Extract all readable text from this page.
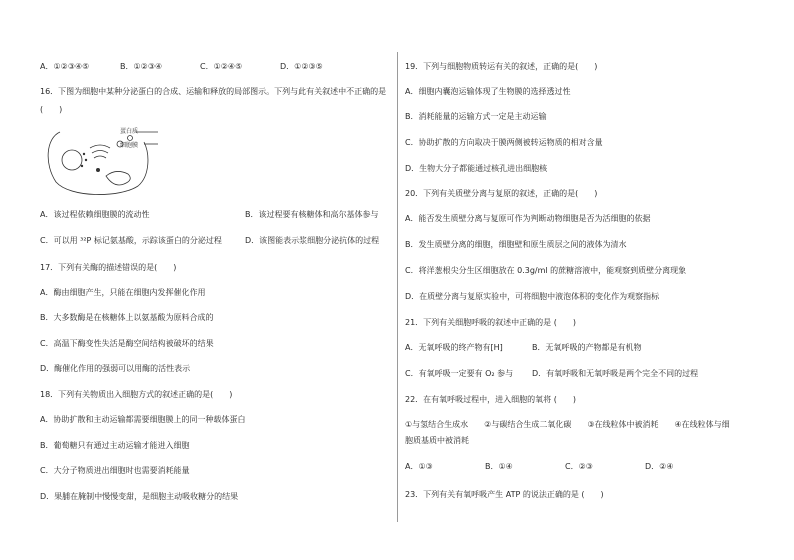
A．①②③④⑤	B．①②③④	C．①②④⑤	D．①②③⑤
16．下图为细胞中某种分泌蛋白的合成、运输和释放的局部图示。下列与此有关叙述中不正确的是
(　　)
蛋白质
细胞膜
A．该过程依赖细胞膜的流动性	B．该过程要有核糖体和高尔基体参与
C．可以用 ³²P 标记氨基酸，示踪该蛋白的分泌过程	D．该图能表示浆细胞分泌抗体的过程
17．下列有关酶的描述错误的是(　　)
A．酶由细胞产生，只能在细胞内发挥催化作用
B．大多数酶是在核糖体上以氨基酸为原料合成的
C．高温下酶变性失活是酶空间结构被破坏的结果
D．酶催化作用的强弱可以用酶的活性表示
18．下列有关物质出入细胞方式的叙述正确的是(　　)
A．协助扩散和主动运输都需要细胞膜上的同一种载体蛋白
B．葡萄糖只有通过主动运输才能进入细胞
C．大分子物质进出细胞时也需要消耗能量
D．果脯在腌制中慢慢变甜，是细胞主动吸收糖分的结果
19．下列与细胞物质转运有关的叙述，正确的是(　　)
A．细胞内囊泡运输体现了生物膜的选择透过性
B．消耗能量的运输方式一定是主动运输
C．协助扩散的方向取决于膜两侧被转运物质的相对含量
D．生物大分子都能通过核孔进出细胞核
20．下列有关质壁分离与复原的叙述，正确的是(　　)
A．能否发生质壁分离与复原可作为判断动物细胞是否为活细胞的依据
B．发生质壁分离的细胞，细胞壁和原生质层之间的液体为清水
C．将洋葱根尖分生区细胞放在 0.3g/ml 的蔗糖溶液中，能观察到质壁分离现象
D．在质壁分离与复原实验中，可将细胞中液泡体积的变化作为观察指标
21．下列有关细胞呼吸的叙述中正确的是 (　　)
A．无氧呼吸的终产物有[H]	B．无氧呼吸的产物都是有机物
C．有氧呼吸一定要有 O₂ 参与 D．有氧呼吸和无氧呼吸是两个完全不同的过程
22．在有氧呼吸过程中，进入细胞的氧将 (　　)
①与氢结合生成水　　②与碳结合生成二氧化碳　　③在线粒体中被消耗　　④在线粒体与细
胞质基质中被消耗
A．①③	B．①④	C．②③	D．②④
23．下列有关有氧呼吸产生 ATP 的说法正确的是 (　　)
